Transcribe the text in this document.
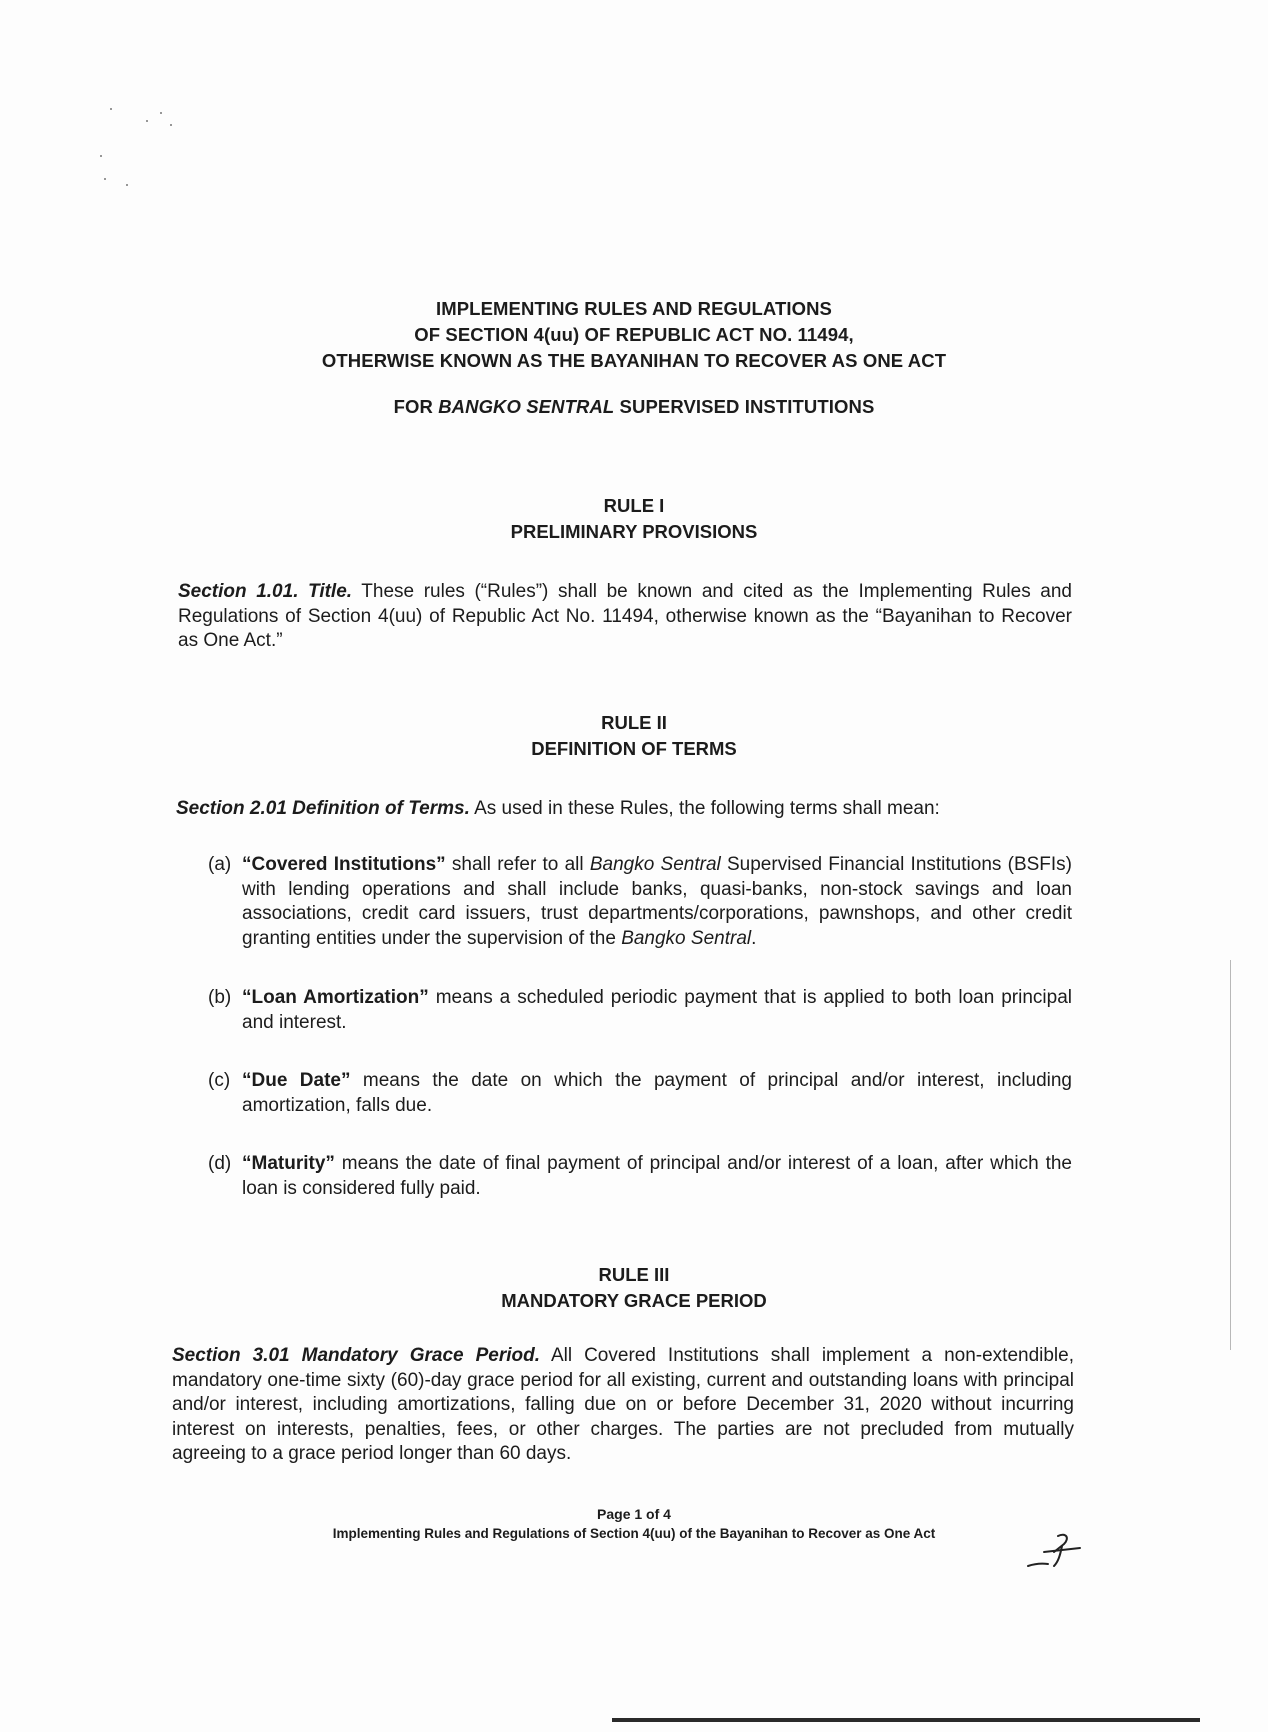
IMPLEMENTING RULES AND REGULATIONS
OF SECTION 4(uu) OF REPUBLIC ACT NO. 11494,
OTHERWISE KNOWN AS THE BAYANIHAN TO RECOVER AS ONE ACT
FOR BANGKO SENTRAL SUPERVISED INSTITUTIONS
RULE I
PRELIMINARY PROVISIONS
Section 1.01. Title. These rules (“Rules”) shall be known and cited as the Implementing Rules and Regulations of Section 4(uu) of Republic Act No. 11494, otherwise known as the “Bayanihan to Recover as One Act.”
RULE II
DEFINITION OF TERMS
Section 2.01 Definition of Terms. As used in these Rules, the following terms shall mean:
(a) “Covered Institutions” shall refer to all Bangko Sentral Supervised Financial Institutions (BSFIs) with lending operations and shall include banks, quasi-banks, non-stock savings and loan associations, credit card issuers, trust departments/corporations, pawnshops, and other credit granting entities under the supervision of the Bangko Sentral.
(b) “Loan Amortization” means a scheduled periodic payment that is applied to both loan principal and interest.
(c) “Due Date” means the date on which the payment of principal and/or interest, including amortization, falls due.
(d) “Maturity” means the date of final payment of principal and/or interest of a loan, after which the loan is considered fully paid.
RULE III
MANDATORY GRACE PERIOD
Section 3.01 Mandatory Grace Period. All Covered Institutions shall implement a non-extendible, mandatory one-time sixty (60)-day grace period for all existing, current and outstanding loans with principal and/or interest, including amortizations, falling due on or before December 31, 2020 without incurring interest on interests, penalties, fees, or other charges. The parties are not precluded from mutually agreeing to a grace period longer than 60 days.
Page 1 of 4
Implementing Rules and Regulations of Section 4(uu) of the Bayanihan to Recover as One Act
